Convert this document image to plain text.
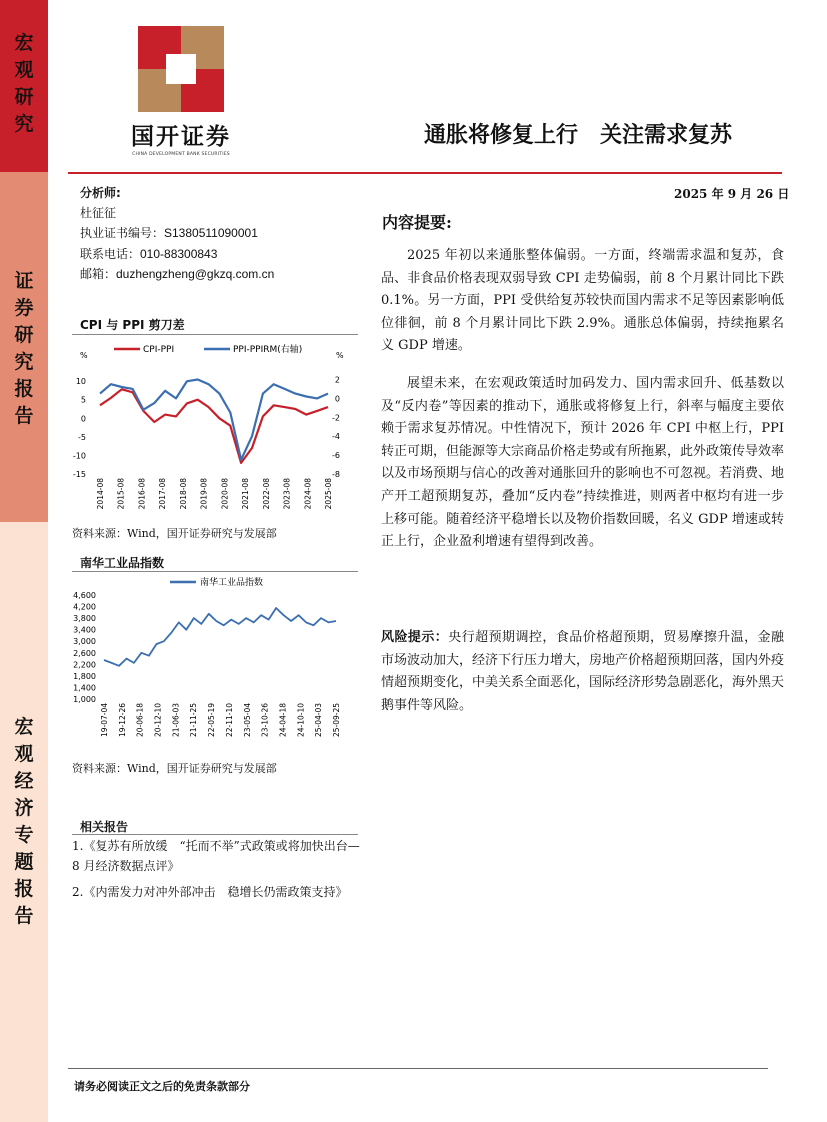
宏
观
研
究
证
券
研
究
报
告
宏
观
经
济
专
题
报
告
国开证券
CHINA DEVELOPMENT BANK SECURITIES
通胀将修复上行　关注需求复苏
分析师:
杜征征
执业证书编号：S1380511090001
联系电话：010-88300843
邮箱：duzhengzheng@gkzq.com.cn
2025 年 9 月 26 日
CPI 与 PPI 剪刀差
CPI-PPI	PPI-PPIRM(右轴)
%	%
10
5
0
-5
-10
-15
2
0
-2
-4
-6
-8
2014-08 2015-08 2016-08 2017-08 2018-08 2019-08 2020-08 2021-08 2022-08 2023-08 2024-08 2025-08
资料来源：Wind，国开证券研究与发展部
南华工业品指数
南华工业品指数
4,600
4,200
3,800
3,400
3,000
2,600
2,200
1,800
1,400
1,000
19-07-04 19-12-26 20-06-18 20-12-10 21-06-03 21-11-25 22-05-19 22-11-10 23-05-04 23-10-26 24-04-18 24-10-10 25-04-03 25-09-25
资料来源：Wind，国开证券研究与发展部
相关报告
1.《复苏有所放缓　“托而不举”式政策或将加快出台—8 月经济数据点评》
2.《内需发力对冲外部冲击　稳增长仍需政策支持》
内容提要:
2025 年初以来通胀整体偏弱。一方面，终端需求温和复苏，食品、非食品价格表现双弱导致 CPI 走势偏弱，前 8 个月累计同比下跌 0.1%。另一方面，PPI 受供给复苏较快而国内需求不足等因素影响低位徘徊，前 8 个月累计同比下跌 2.9%。通胀总体偏弱，持续拖累名义 GDP 增速。
展望未来，在宏观政策适时加码发力、国内需求回升、低基数以及“反内卷”等因素的推动下，通胀或将修复上行，斜率与幅度主要依赖于需求复苏情况。中性情况下，预计 2026 年 CPI 中枢上行，PPI 转正可期，但能源等大宗商品价格走势或有所拖累，此外政策传导效率以及市场预期与信心的改善对通胀回升的影响也不可忽视。若消费、地产开工超预期复苏，叠加“反内卷”持续推进，则两者中枢均有进一步上移可能。随着经济平稳增长以及物价指数回暖，名义 GDP 增速或转正上行，企业盈利增速有望得到改善。
风险提示：央行超预期调控，食品价格超预期，贸易摩擦升温，金融市场波动加大，经济下行压力增大，房地产价格超预期回落，国内外疫情超预期变化，中美关系全面恶化，国际经济形势急剧恶化，海外黑天鹅事件等风险。
请务必阅读正文之后的免责条款部分
